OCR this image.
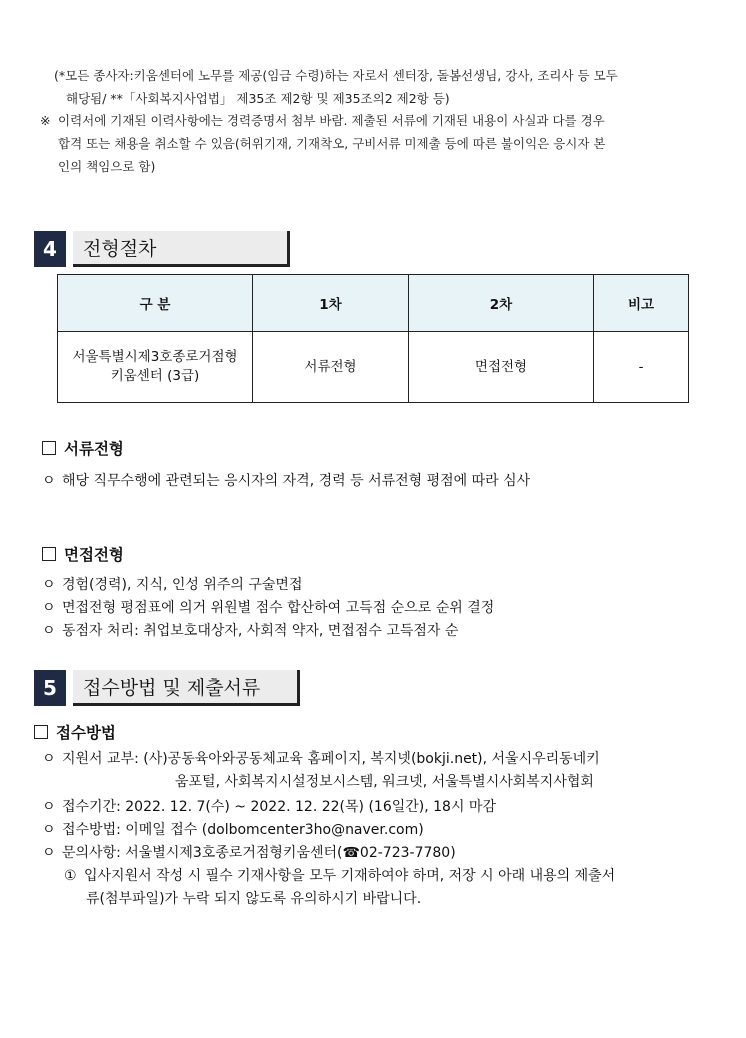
(*모든 종사자:키움센터에 노무를 제공(임금 수령)하는 자로서 센터장, 돌봄선생님, 강사, 조리사 등 모두
해당됨/ **「사회복지사업법」 제35조 제2항 및 제35조의2 제2항 등)
※ 이력서에 기재된 이력사항에는 경력증명서 첨부 바람. 제출된 서류에 기재된 내용이 사실과 다를 경우
합격 또는 채용을 취소할 수 있음(허위기재, 기재착오, 구비서류 미제출 등에 따른 불이익은 응시자 본
인의 책임으로 함)
4	전형절차
구 분	1차	2차	비고

서울특별시제3호종로거점형
키움센터 (3급)	서류전형	면접전형	-
서류전형
ㅇ 해당 직무수행에 관련되는 응시자의 자격, 경력 등 서류전형 평점에 따라 심사
면접전형
ㅇ 경험(경력), 지식, 인성 위주의 구술면접
ㅇ 면접전형 평점표에 의거 위원별 점수 합산하여 고득점 순으로 순위 결정
ㅇ 동점자 처리: 취업보호대상자, 사회적 약자, 면접점수 고득점자 순
5	접수방법 및 제출서류
접수방법
ㅇ 지원서 교부: (사)공동육아와공동체교육 홈페이지, 복지넷(bokji.net), 서울시우리동네키
움포털, 사회복지시설정보시스템, 워크넷, 서울특별시사회복지사협회
ㅇ 접수기간: 2022. 12. 7(수) ~ 2022. 12. 22(목) (16일간), 18시 마감
ㅇ 접수방법: 이메일 접수 (dolbomcenter3ho@naver.com)
ㅇ 문의사항: 서울별시제3호종로거점형키움센터(☎02-723-7780)
① 입사지원서 작성 시 필수 기재사항을 모두 기재하여야 하며, 저장 시 아래 내용의 제출서
류(첨부파일)가 누락 되지 않도록 유의하시기 바랍니다.
